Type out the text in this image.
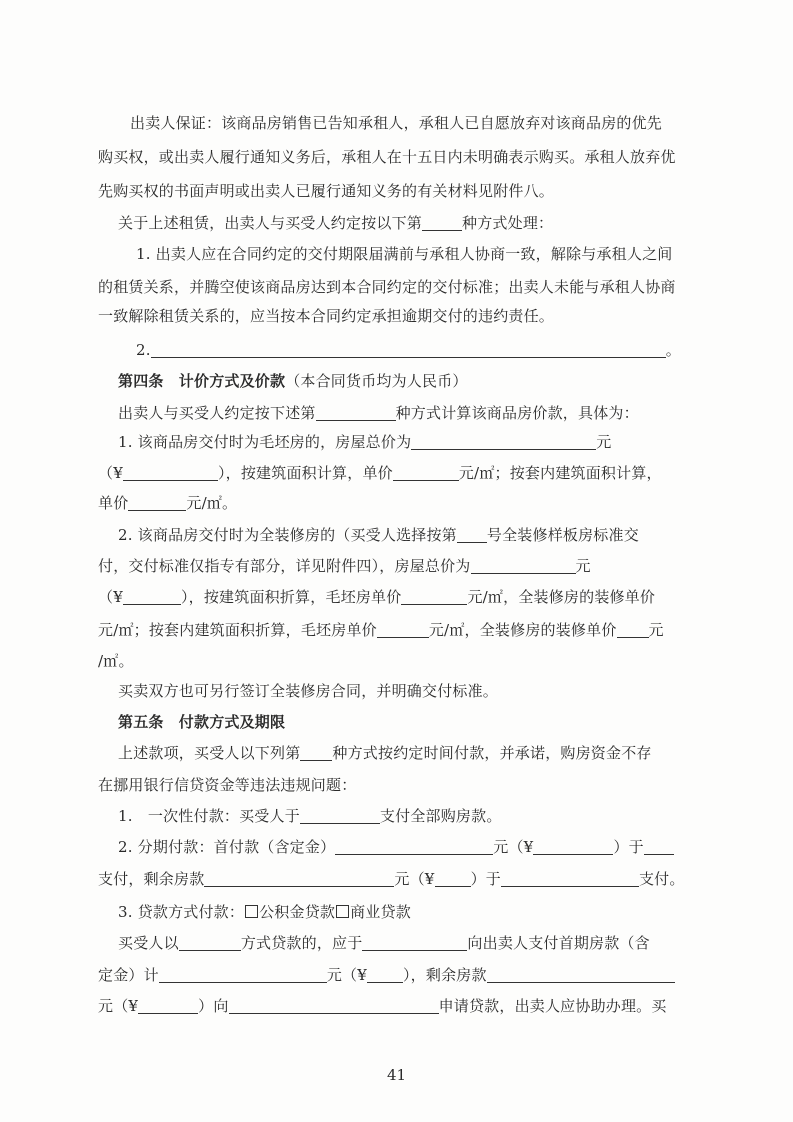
出卖人保证：该商品房销售已告知承租人，承租人已自愿放弃对该商品房的优先
购买权，或出卖人履行通知义务后，承租人在十五日内未明确表示购买。承租人放弃优
先购买权的书面声明或出卖人已履行通知义务的有关材料见附件八。
关于上述租赁，出卖人与买受人约定按以下第	种方式处理：
1. 出卖人应在合同约定的交付期限届满前与承租人协商一致，解除与承租人之间
的租赁关系，并腾空使该商品房达到本合同约定的交付标准；出卖人未能与承租人协商
一致解除租赁关系的，应当按本合同约定承担逾期交付的违约责任。
2.	。
第四条　计价方式及价款（本合同货币均为人民币）
出卖人与买受人约定按下述第	种方式计算该商品房价款，具体为：
1. 该商品房交付时为毛坯房的，房屋总价为	元
（¥	），按建筑面积计算，单价	元/㎡；按套内建筑面积计算，
单价	元/㎡。
2. 该商品房交付时为全装修房的（买受人选择按第 号全装修样板房标准交
付，交付标准仅指专有部分，详见附件四），房屋总价为	元
（¥	），按建筑面积折算，毛坯房单价	元/㎡，全装修房的装修单价
元/㎡；按套内建筑面积折算，毛坯房单价	元/㎡，全装修房的装修单价 元
/㎡。
买卖双方也可另行签订全装修房合同，并明确交付标准。
第五条　付款方式及期限
上述款项，买受人以下列第 种方式按约定时间付款，并承诺，购房资金不存
在挪用银行信贷资金等违法违规问题：
1.　一次性付款：买受人于	支付全部购房款。
2. 分期付款：首付款（含定金）	元（¥	）于
支付，剩余房款	元（¥ ）于	支付。
3. 贷款方式付款： 公积金贷款 商业贷款
买受人以	方式贷款的，应于	向出卖人支付首期房款（含
定金）计	元（¥ ），剩余房款
元（¥	）向	申请贷款，出卖人应协助办理。买
41
